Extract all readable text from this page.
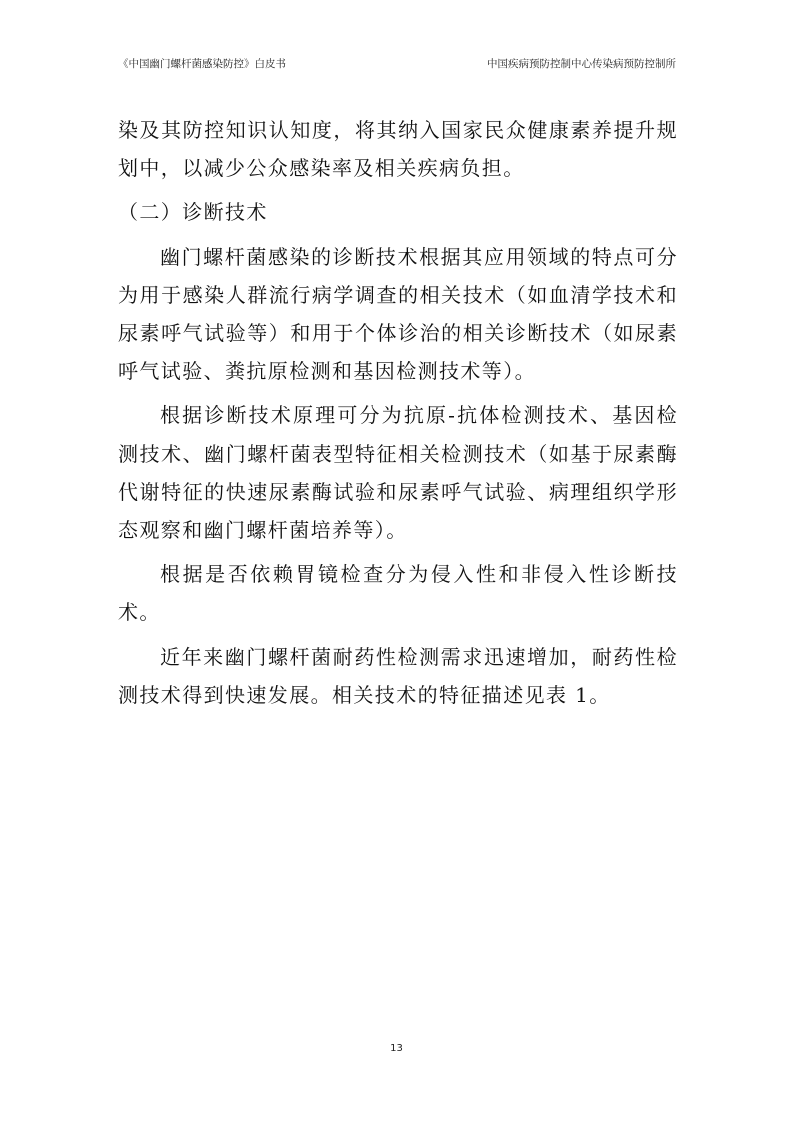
《中国幽门螺杆菌感染防控》白皮书	中国疾病预防控制中心传染病预防控制所

染及其防控知识认知度，将其纳入国家民众健康素养提升规划中，以减少公众感染率及相关疾病负担。

（二）诊断技术

幽门螺杆菌感染的诊断技术根据其应用领域的特点可分为用于感染人群流行病学调查的相关技术（如血清学技术和尿素呼气试验等）和用于个体诊治的相关诊断技术（如尿素呼气试验、粪抗原检测和基因检测技术等）。

根据诊断技术原理可分为抗原-抗体检测技术、基因检测技术、幽门螺杆菌表型特征相关检测技术（如基于尿素酶代谢特征的快速尿素酶试验和尿素呼气试验、病理组织学形态观察和幽门螺杆菌培养等）。

根据是否依赖胃镜检查分为侵入性和非侵入性诊断技术。

近年来幽门螺杆菌耐药性检测需求迅速增加，耐药性检测技术得到快速发展。相关技术的特征描述见表 1。

13
